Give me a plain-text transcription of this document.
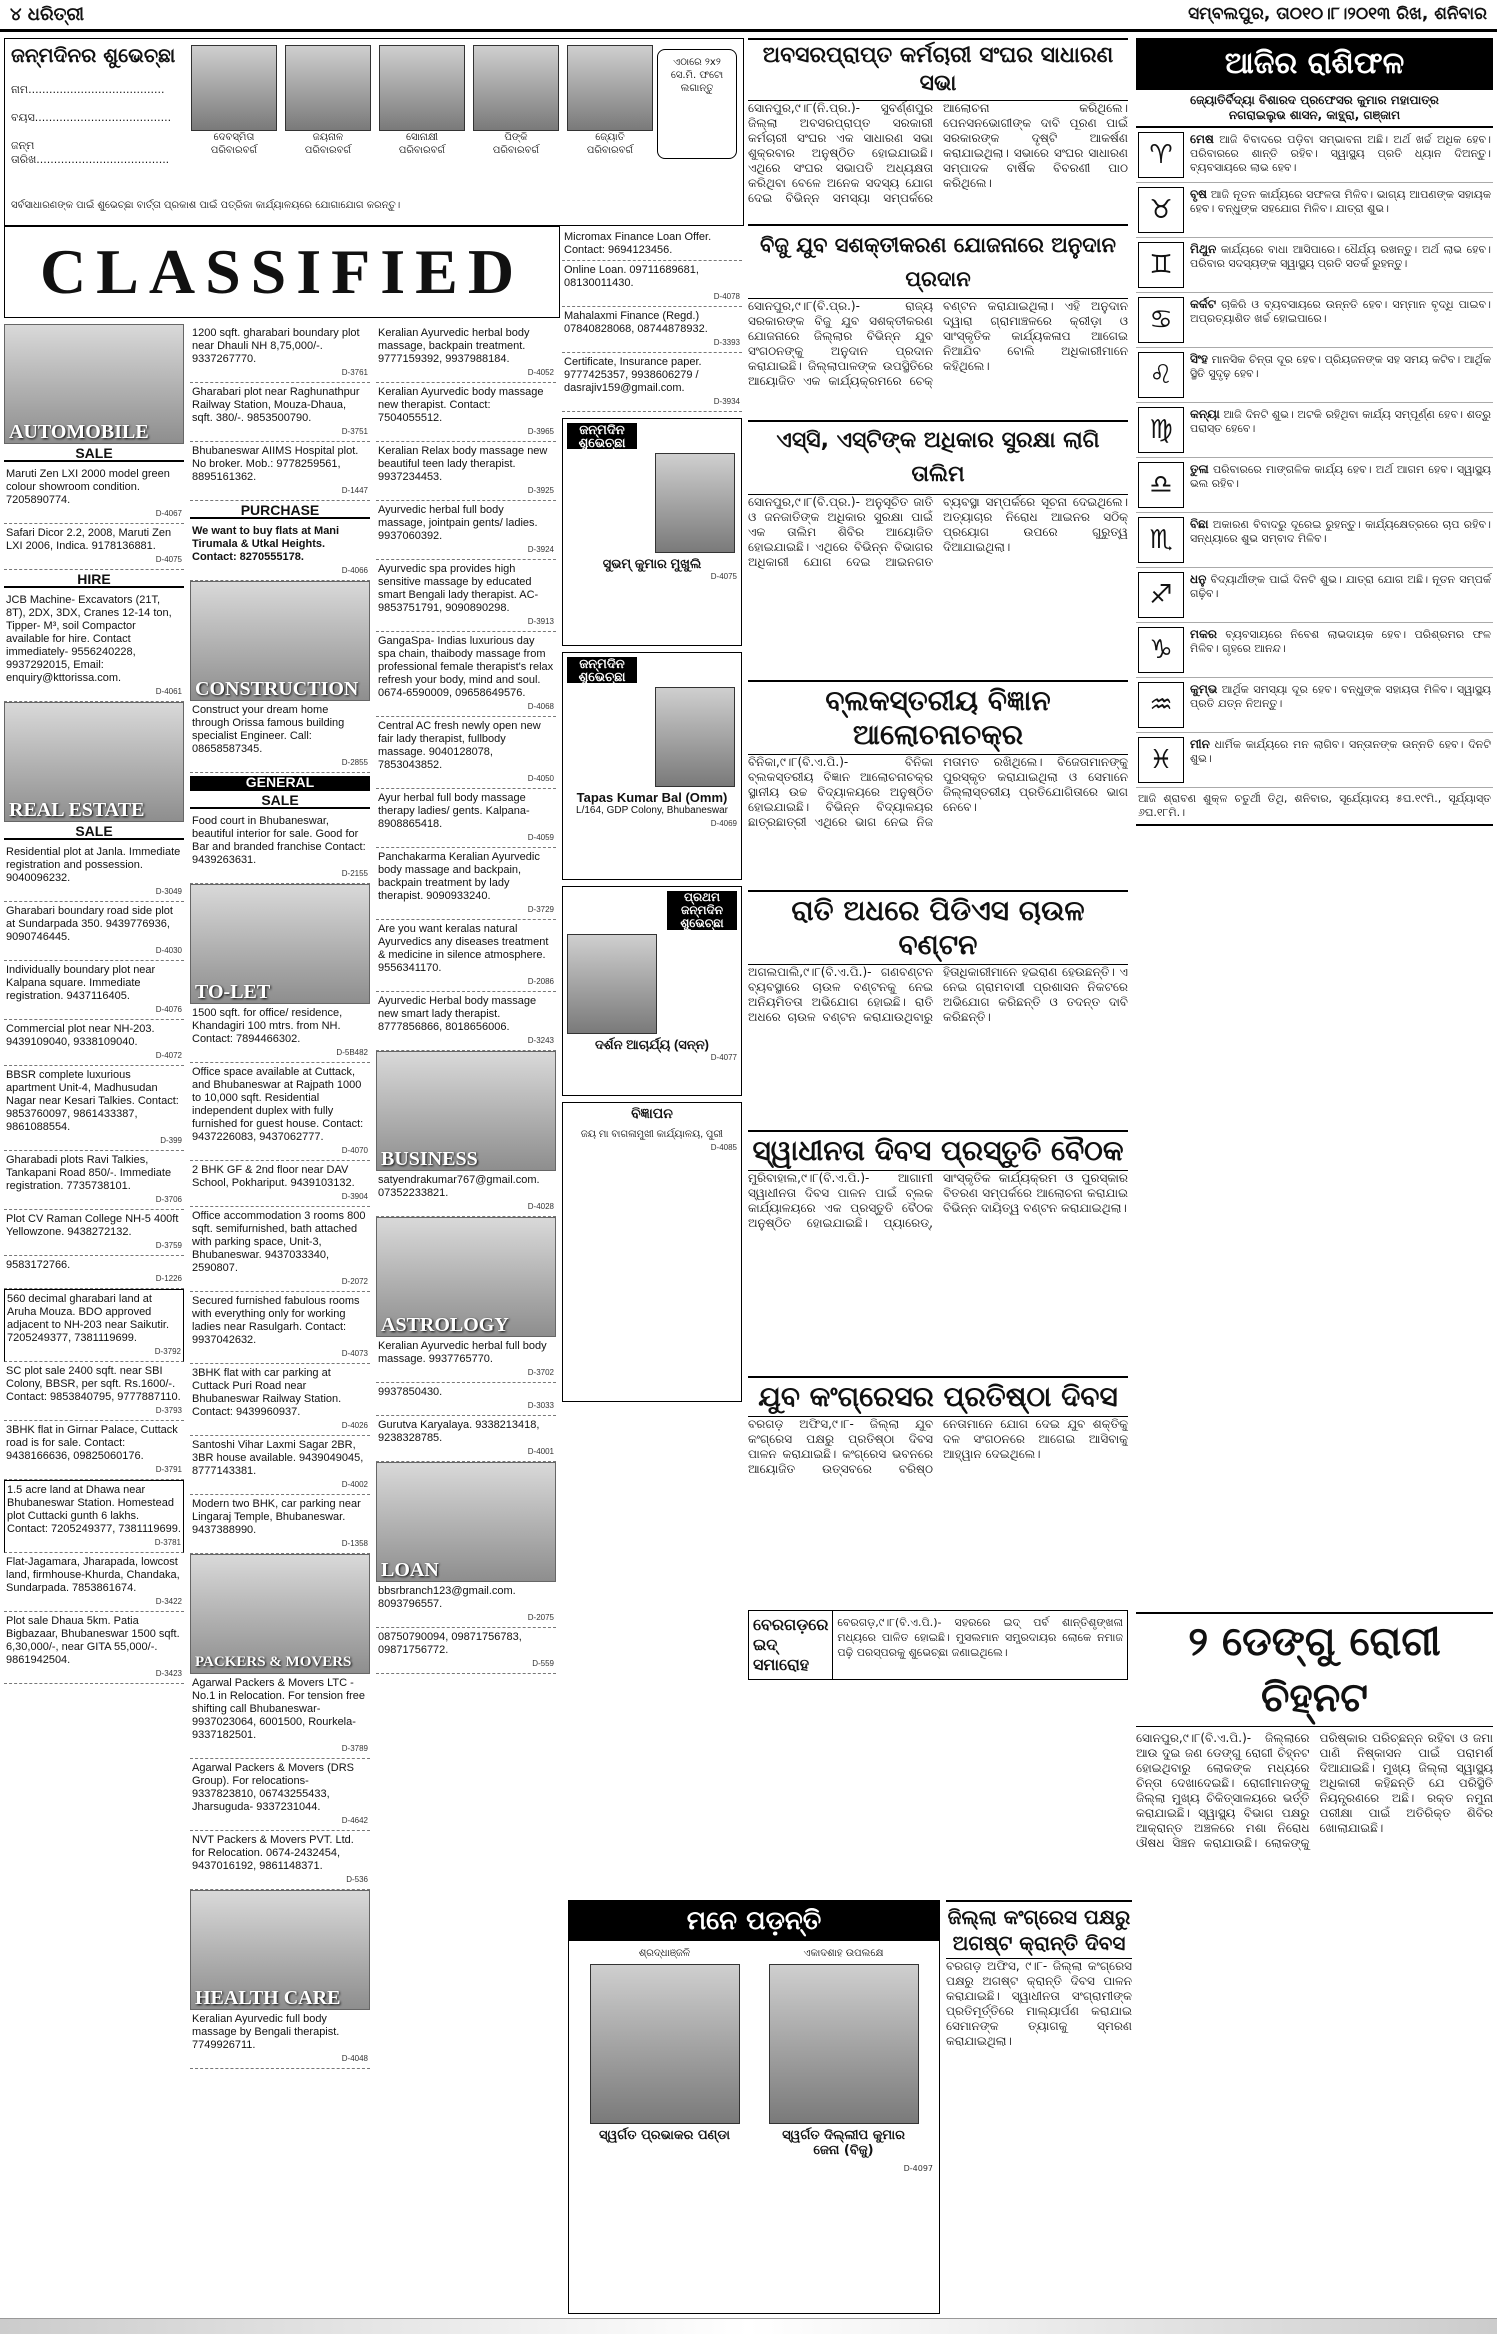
୪ ଧରିତ୍ରୀ	ସମ୍ବଲପୁର, ତା୦୧୦।୮।୨୦୧୩ ରିଖ, ଶନିବାର
ଜନ୍ମଦିନର ଶୁଭେଚ୍ଛା
ନାମ.......................................
ବୟସ.......................................
ଜନ୍ମ ତାରିଖ......................................
ଦେବସ୍ମିତା
ପରିବାରବର୍ଗ
ଜୟନାଳ
ପରିବାରବର୍ଗ
ସୋନାକ୍ଷୀ
ପରିବାରବର୍ଗ
ପିଙ୍କି
ପରିବାରବର୍ଗ
ଜ୍ୟୋତି
ପରିବାରବର୍ଗ
ଏଠାରେ ୨x୨ ସେ.ମି. ଫଟୋ ଲଗାନ୍ତୁ
ସର୍ବସାଧାରଣଙ୍କ ପାଇଁ ଶୁଭେଚ୍ଛା ବାର୍ତ୍ତା ପ୍ରକାଶ ପାଇଁ ପତ୍ରିକା କାର୍ଯ୍ୟାଳୟରେ ଯୋଗାଯୋଗ କରନ୍ତୁ।
CLASSIFIED
AUTOMOBILE
SALE
Maruti Zen LXI 2000 model green colour showroom condition. 7205890774.
D-4067
Safari Dicor 2.2, 2008, Maruti Zen LXI 2006, Indica. 9178136881.
D-4075
HIRE
JCB Machine- Excavators (21T, 8T), 2DX, 3DX, Cranes 12-14 ton, Tipper- M³, soil Compactor available for hire. Contact immediately- 9556240228, 9937292015, Email: enquiry@kttorissa.com.
D-4061
REAL ESTATE
SALE
Residential plot at Janla. Immediate registration and possession. 9040096232.
D-3049
Gharabari boundary road side plot at Sundarpada 350. 9439776936, 9090746445.
D-4030
Individually boundary plot near Kalpana square. Immediate registration. 9437116405.
D-4076
Commercial plot near NH-203. 9439109040, 9338109040.
D-4072
BBSR complete luxurious apartment Unit-4, Madhusudan Nagar near Kesari Talkies. Contact: 9853760097, 9861433387, 9861088554.
D-399
Gharabadi plots Ravi Talkies, Tankapani Road 850/-. Immediate registration. 7735738101.
D-3706
Plot CV Raman College NH-5 400ft Yellowzone. 9438272132.
D-3759
9583172766.
D-1226
560 decimal gharabari land at Aruha Mouza. BDO approved adjacent to NH-203 near Saikutir. 7205249377, 7381119699.
D-3792
SC plot sale 2400 sqft. near SBI Colony, BBSR, per sqft. Rs.1600/-. Contact: 9853840795, 9777887110.
D-3793
3BHK flat in Girnar Palace, Cuttack road is for sale. Contact: 9438166636, 09825060176.
D-3791
1.5 acre land at Dhawa near Bhubaneswar Station. Homestead plot Cuttacki gunth 6 lakhs. Contact: 7205249377, 7381119699.
D-3781
Flat-Jagamara, Jharapada, lowcost land, firmhouse-Khurda, Chandaka, Sundarpada. 7853861674.
D-3422
Plot sale Dhaua 5km. Patia Bigbazaar, Bhubaneswar 1500 sqft. 6,30,000/-, near GITA 55,000/-. 9861942504.
D-3423
1200 sqft. gharabari boundary plot near Dhauli NH 8,75,000/-. 9337267770.
D-3761
Gharabari plot near Raghunathpur Railway Station, Mouza-Dhaua, sqft. 380/-. 9853500790.
D-3751
Bhubaneswar AIIMS Hospital plot. No broker. Mob.: 9778259561, 8895161362.
D-1447
PURCHASE
We want to buy flats at Mani Tirumala & Utkal Heights. Contact: 8270555178.
D-4066
CONSTRUCTION
Construct your dream home through Orissa famous building specialist Engineer. Call: 08658587345.
D-2855
GENERAL
SALE
Food court in Bhubaneswar, beautiful interior for sale. Good for Bar and branded franchise Contact: 9439263631.
D-2155
TO-LET
1500 sqft. for office/ residence, Khandagiri 100 mtrs. from NH. Contact: 7894466302.
D-5B482
Office space available at Cuttack, and Bhubaneswar at Rajpath 1000 to 10,000 sqft. Residential independent duplex with fully furnished for guest house. Contact: 9437226083, 9437062777.
D-4070
2 BHK GF & 2nd floor near DAV School, Pokhariput. 9439103132.
D-3904
Office accommodation 3 rooms 800 sqft. semifurnished, bath attached with parking space, Unit-3, Bhubaneswar. 9437033340, 2590807.
D-2072
Secured furnished fabulous rooms with everything only for working ladies near Rasulgarh. Contact: 9937042632.
D-4073
3BHK flat with car parking at Cuttack Puri Road near Bhubaneswar Railway Station. Contact: 9439960937.
D-4026
Santoshi Vihar Laxmi Sagar 2BR, 3BR house available. 9439049045, 8777143381.
D-4002
Modern two BHK, car parking near Lingaraj Temple, Bhubaneswar. 9437388990.
D-1358
PACKERS & MOVERS
Agarwal Packers & Movers LTC - No.1 in Relocation. For tension free shifting call Bhubaneswar- 9937023064, 6001500, Rourkela- 9337182501.
D-3789
Agarwal Packers & Movers (DRS Group). For relocations- 9337823810, 06743255433, Jharsuguda- 9337231044.
D-4642
NVT Packers & Movers PVT. Ltd. for Relocation. 0674-2432454, 9437016192, 9861148371.
D-536
HEALTH CARE
Keralian Ayurvedic full body massage by Bengali therapist. 7749926711.
D-4048
Keralian Ayurvedic herbal body massage, backpain treatment. 9777159392, 9937988184.
D-4052
Keralian Ayurvedic body massage new therapist. Contact: 7504055512.
D-3965
Keralian Relax body massage new beautiful teen lady therapist. 9937234453.
D-3925
Ayurvedic herbal full body massage, jointpain gents/ ladies. 9937060392.
D-3924
Ayurvedic spa provides high sensitive massage by educated smart Bengali lady therapist. AC- 9853751791, 9090890298.
D-3913
GangaSpa- Indias luxurious day spa chain, thaibody massage from professional female therapist's relax refresh your body, mind and soul. 0674-6590009, 09658649576.
D-4068
Central AC fresh newly open new fair lady therapist, fullbody massage. 9040128078, 7853043852.
D-4050
Ayur herbal full body massage therapy ladies/ gents. Kalpana- 8908865418.
D-4059
Panchakarma Keralian Ayurvedic body massage and backpain, backpain treatment by lady therapist. 9090933240.
D-3729
Are you want keralas natural Ayurvedics any diseases treatment & medicine in silence atmosphere. 9556341170.
D-2086
Ayurvedic Herbal body massage new smart lady therapist. 8777856866, 8018656006.
D-3243
BUSINESS
satyendrakumar767@gmail.com. 07352233821.
D-4028
ASTROLOGY
Keralian Ayurvedic herbal full body massage. 9937765770.
D-3702
9937850430.
D-3033
Gurutva Karyalaya. 9338213418, 9238328785.
D-4001
LOAN
bbsrbranch123@gmail.com. 8093796557.
D-2075
08750790094, 09871756783, 09871756772.
D-559
Micromax Finance Loan Offer. Contact: 9694123456.
Online Loan. 09711689681, 08130011430.
D-4078
Mahalaxmi Finance (Regd.) 07840828068, 08744878932.
D-3393
Certificate, Insurance paper. 9777425357, 9938606279 / dasrajiv159@gmail.com.
D-3934
ଜନ୍ମଦିନ ଶୁଭେଚ୍ଛା
ସୁଭମ୍ କୁମାର ମୁଖୁଲି
D-4075
ଜନ୍ମଦିନ ଶୁଭେଚ୍ଛା
Tapas Kumar Bal (Omm)
L/164, GDP Colony, Bhubaneswar
D-4069
ପ୍ରଥମ ଜନ୍ମଦିନ ଶୁଭେଚ୍ଛା
ଦର୍ଶନ ଆଚାର୍ଯ୍ୟ (ସନ୍ନ)
D-4077
ବିଜ୍ଞାପନ
ଜୟ ମା ବାଗଳାମୁଖୀ କାର୍ଯ୍ୟାଳୟ, ପୁରୀ
D-4085
ଅବସରପ୍ରାପ୍ତ କର୍ମଚାରୀ ସଂଘର ସାଧାରଣ ସଭା
ସୋନପୁର,୯।୮(ନି.ପ୍ର.)- ସୁବର୍ଣ୍ଣପୁର ଜିଲ୍ଲା ଅବସରପ୍ରାପ୍ତ ସରକାରୀ କର୍ମଚାରୀ ସଂଘର ଏକ ସାଧାରଣ ସଭା ଶୁକ୍ରବାର ଅନୁଷ୍ଠିତ ହୋଇଯାଇଛି। ଏଥିରେ ସଂଘର ସଭାପତି ଅଧ୍ୟକ୍ଷତା କରିଥିବା ବେଳେ ଅନେକ ସଦସ୍ୟ ଯୋଗ ଦେଇ ବିଭିନ୍ନ ସମସ୍ୟା ସମ୍ପର୍କରେ ଆଲୋଚନା କରିଥିଲେ। ପେନସନଭୋଗୀଙ୍କ ଦାବି ପୂରଣ ପାଇଁ ସରକାରଙ୍କ ଦୃଷ୍ଟି ଆକର୍ଷଣ କରାଯାଇଥିଲା। ସଭାରେ ସଂଘର ସାଧାରଣ ସମ୍ପାଦକ ବାର୍ଷିକ ବିବରଣୀ ପାଠ କରିଥିଲେ।
ବିଜୁ ଯୁବ ସଶକ୍ତୀକରଣ ଯୋଜନାରେ ଅନୁଦାନ ପ୍ରଦାନ
ସୋନପୁର,୯।୮(ବି.ପ୍ର.)- ରାଜ୍ୟ ସରକାରଙ୍କ ବିଜୁ ଯୁବ ସଶକ୍ତୀକରଣ ଯୋଜନାରେ ଜିଲ୍ଲାର ବିଭିନ୍ନ ଯୁବ ସଂଗଠନଙ୍କୁ ଅନୁଦାନ ପ୍ରଦାନ କରାଯାଇଛି। ଜିଲ୍ଲାପାଳଙ୍କ ଉପସ୍ଥିତିରେ ଆୟୋଜିତ ଏକ କାର୍ଯ୍ୟକ୍ରମରେ ଚେକ୍ ବଣ୍ଟନ କରାଯାଇଥିଲା। ଏହି ଅନୁଦାନ ଦ୍ୱାରା ଗ୍ରାମାଞ୍ଚଳରେ କ୍ରୀଡ଼ା ଓ ସାଂସ୍କୃତିକ କାର୍ଯ୍ୟକଳାପ ଆଗେଇ ନିଆଯିବ ବୋଲି ଅଧିକାରୀମାନେ କହିଥିଲେ।
ଏସ୍‌ସି, ଏସ୍‌ଟିଙ୍କ ଅଧିକାର ସୁରକ୍ଷା ଲାଗି ତାଲିମ
ସୋନପୁର,୯।୮(ବି.ପ୍ର.)- ଅନୁସୂଚିତ ଜାତି ଓ ଜନଜାତିଙ୍କ ଅଧିକାର ସୁରକ୍ଷା ପାଇଁ ଏକ ତାଲିମ ଶିବିର ଆୟୋଜିତ ହୋଇଯାଇଛି। ଏଥିରେ ବିଭିନ୍ନ ବିଭାଗର ଅଧିକାରୀ ଯୋଗ ଦେଇ ଆଇନଗତ ବ୍ୟବସ୍ଥା ସମ୍ପର୍କରେ ସୂଚନା ଦେଇଥିଲେ। ଅତ୍ୟାଚାର ନିରୋଧ ଆଇନର ସଠିକ୍ ପ୍ରୟୋଗ ଉପରେ ଗୁରୁତ୍ୱ ଦିଆଯାଇଥିଲା।
ବ୍ଲକସ୍ତରୀୟ ବିଜ୍ଞାନ ଆଲୋଚନାଚକ୍ର
ବିନିକା,୯।୮(ବି.ଏ.ପି.)- ବିନିକା ବ୍ଲକସ୍ତରୀୟ ବିଜ୍ଞାନ ଆଲୋଚନାଚକ୍ର ସ୍ଥାନୀୟ ଉଚ୍ଚ ବିଦ୍ୟାଳୟରେ ଅନୁଷ୍ଠିତ ହୋଇଯାଇଛି। ବିଭିନ୍ନ ବିଦ୍ୟାଳୟର ଛାତ୍ରଛାତ୍ରୀ ଏଥିରେ ଭାଗ ନେଇ ନିଜ ମତାମତ ରଖିଥିଲେ। ବିଜେତାମାନଙ୍କୁ ପୁରସ୍କୃତ କରାଯାଇଥିଲା ଓ ସେମାନେ ଜିଲ୍ଲାସ୍ତରୀୟ ପ୍ରତିଯୋଗିତାରେ ଭାଗ ନେବେ।
ରାତି ଅଧରେ ପିଡିଏସ ଚାଉଳ ବଣ୍ଟନ
ଅଗଲପାଲି,୯।୮(ବି.ଏ.ପି.)- ଗଣବଣ୍ଟନ ବ୍ୟବସ୍ଥାରେ ଚାଉଳ ବଣ୍ଟନକୁ ନେଇ ଅନିୟମିତତା ଅଭିଯୋଗ ହୋଇଛି। ରାତି ଅଧରେ ଚାଉଳ ବଣ୍ଟନ କରାଯାଉଥିବାରୁ ହିତାଧିକାରୀମାନେ ହଇରାଣ ହେଉଛନ୍ତି। ଏ ନେଇ ଗ୍ରାମବାସୀ ପ୍ରଶାସନ ନିକଟରେ ଅଭିଯୋଗ କରିଛନ୍ତି ଓ ତଦନ୍ତ ଦାବି କରିଛନ୍ତି।
ସ୍ୱାଧୀନତା ଦିବସ ପ୍ରସ୍ତୁତି ବୈଠକ
ମୁରିବାହାଲ,୯।୮(ବି.ଏ.ପି.)- ଆଗାମୀ ସ୍ୱାଧୀନତା ଦିବସ ପାଳନ ପାଇଁ ବ୍ଲକ କାର୍ଯ୍ୟାଳୟରେ ଏକ ପ୍ରସ୍ତୁତି ବୈଠକ ଅନୁଷ୍ଠିତ ହୋଇଯାଇଛି। ପ୍ୟାରେଡ୍, ସାଂସ୍କୃତିକ କାର୍ଯ୍ୟକ୍ରମ ଓ ପୁରସ୍କାର ବିତରଣ ସମ୍ପର୍କରେ ଆଲୋଚନା କରାଯାଇ ବିଭିନ୍ନ ଦାୟିତ୍ୱ ବଣ୍ଟନ କରାଯାଇଥିଲା।
ଯୁବ କଂଗ୍ରେସର ପ୍ରତିଷ୍ଠା ଦିବସ
ବରଗଡ଼ ଅଫିସ,୯।୮- ଜିଲ୍ଲା ଯୁବ କଂଗ୍ରେସ ପକ୍ଷରୁ ପ୍ରତିଷ୍ଠା ଦିବସ ପାଳନ କରାଯାଇଛି। କଂଗ୍ରେସ ଭବନରେ ଆୟୋଜିତ ଉତ୍ସବରେ ବରିଷ୍ଠ ନେତାମାନେ ଯୋଗ ଦେଇ ଯୁବ ଶକ୍ତିକୁ ଦଳ ସଂଗଠନରେ ଆଗେଇ ଆସିବାକୁ ଆହ୍ୱାନ ଦେଇଥିଲେ।
ବେରଗଡ଼ରେ ଇଦ୍ ସମାରୋହ
ବେରଗଡ଼,୯।୮(ବି.ଏ.ପି.)- ସହରରେ ଇଦ୍ ପର୍ବ ଶାନ୍ତିଶୃଙ୍ଖଳା ମଧ୍ୟରେ ପାଳିତ ହୋଇଛି। ମୁସଲମାନ ସମ୍ପ୍ରଦାୟର ଲୋକେ ନମାଜ ପଢ଼ି ପରସ୍ପରକୁ ଶୁଭେଚ୍ଛା ଜଣାଇଥିଲେ।
ମନେ ପଡ଼ନ୍ତି
ଶ୍ରଦ୍ଧାଞ୍ଜଳି
ସ୍ୱର୍ଗତ ପ୍ରଭାକର ପଣ୍ଡା
ଏକାଦଶାହ ଉପଲକ୍ଷେ
ସ୍ୱର୍ଗତ ଦିଲ୍ଲୀପ କୁମାର ଜେନା (ବିଜୁ)
D-4097
ଜିଲ୍ଲା କଂଗ୍ରେସ ପକ୍ଷରୁ ଅଗଷ୍ଟ କ୍ରାନ୍ତି ଦିବସ
ବରଗଡ଼ ଅଫିସ, ୯।୮- ଜିଲ୍ଲା କଂଗ୍ରେସ ପକ୍ଷରୁ ଅଗଷ୍ଟ କ୍ରାନ୍ତି ଦିବସ ପାଳନ କରାଯାଇଛି। ସ୍ୱାଧୀନତା ସଂଗ୍ରାମୀଙ୍କ ପ୍ରତିମୂର୍ତ୍ତିରେ ମାଲ୍ୟାର୍ପଣ କରାଯାଇ ସେମାନଙ୍କ ତ୍ୟାଗକୁ ସ୍ମରଣ କରାଯାଇଥିଲା।
ଆଜିର ରାଶିଫଳ
ଜ୍ୟୋତିର୍ବିଦ୍ୟା ବିଶାରଦ ପ୍ରଫେସର କୁମାର ମହାପାତ୍ର
ନଗରାଇଲୁଭ ଶାସନ, କାତ୍ଥ୍ରା, ଗଞ୍ଜାମ
♈
ମେଷ ଆଜି ବିବାଦରେ ପଡ଼ିବା ସମ୍ଭାବନା ଅଛି। ଅର୍ଥ ଖର୍ଚ୍ଚ ଅଧିକ ହେବ। ପରିବାରରେ ଶାନ୍ତି ରହିବ। ସ୍ୱାସ୍ଥ୍ୟ ପ୍ରତି ଧ୍ୟାନ ଦିଅନ୍ତୁ। ବ୍ୟବସାୟରେ ଲାଭ ହେବ।
♉
ବୃଷ ଆଜି ନୂତନ କାର୍ଯ୍ୟରେ ସଫଳତା ମିଳିବ। ଭାଗ୍ୟ ଆପଣଙ୍କ ସହାୟକ ହେବ। ବନ୍ଧୁଙ୍କ ସହଯୋଗ ମିଳିବ। ଯାତ୍ରା ଶୁଭ।
♊
ମିଥୁନ କାର୍ଯ୍ୟରେ ବାଧା ଆସିପାରେ। ଧୈର୍ଯ୍ୟ ରଖନ୍ତୁ। ଅର୍ଥ ଲାଭ ହେବ। ପରିବାର ସଦସ୍ୟଙ୍କ ସ୍ୱାସ୍ଥ୍ୟ ପ୍ରତି ସତର୍କ ରୁହନ୍ତୁ।
♋
କର୍କଟ ଚାକିରି ଓ ବ୍ୟବସାୟରେ ଉନ୍ନତି ହେବ। ସମ୍ମାନ ବୃଦ୍ଧି ପାଇବ। ଅପ୍ରତ୍ୟାଶିତ ଖର୍ଚ୍ଚ ହୋଇପାରେ।
♌
ସିଂହ ମାନସିକ ଚିନ୍ତା ଦୂର ହେବ। ପ୍ରିୟଜନଙ୍କ ସହ ସମୟ କଟିବ। ଆର୍ଥିକ ସ୍ଥିତି ସୁଦୃଢ଼ ହେବ।
♍
କନ୍ୟା ଆଜି ଦିନଟି ଶୁଭ। ଅଟକି ରହିଥିବା କାର୍ଯ୍ୟ ସମ୍ପୂର୍ଣ୍ଣ ହେବ। ଶତ୍ରୁ ପରାସ୍ତ ହେବେ।
♎
ତୁଳା ପରିବାରରେ ମାଙ୍ଗଳିକ କାର୍ଯ୍ୟ ହେବ। ଅର୍ଥ ଆଗମ ହେବ। ସ୍ୱାସ୍ଥ୍ୟ ଭଲ ରହିବ।
♏
ବିଛା ଅକାରଣ ବିବାଦରୁ ଦୂରେଇ ରୁହନ୍ତୁ। କାର୍ଯ୍ୟକ୍ଷେତ୍ରରେ ଚାପ ରହିବ। ସନ୍ଧ୍ୟାରେ ଶୁଭ ସମ୍ବାଦ ମିଳିବ।
♐
ଧନୁ ବିଦ୍ୟାର୍ଥୀଙ୍କ ପାଇଁ ଦିନଟି ଶୁଭ। ଯାତ୍ରା ଯୋଗ ଅଛି। ନୂତନ ସମ୍ପର୍କ ଗଢ଼ିବ।
♑
ମକର ବ୍ୟବସାୟରେ ନିବେଶ ଲାଭଦାୟକ ହେବ। ପରିଶ୍ରମର ଫଳ ମିଳିବ। ଗୃହରେ ଆନନ୍ଦ।
♒
କୁମ୍ଭ ଆର୍ଥିକ ସମସ୍ୟା ଦୂର ହେବ। ବନ୍ଧୁଙ୍କ ସହାୟତା ମିଳିବ। ସ୍ୱାସ୍ଥ୍ୟ ପ୍ରତି ଯତ୍ନ ନିଅନ୍ତୁ।
♓
ମୀନ ଧାର୍ମିକ କାର୍ଯ୍ୟରେ ମନ ଲାଗିବ। ସନ୍ତାନଙ୍କ ଉନ୍ନତି ହେବ। ଦିନଟି ଶୁଭ।
ଆଜି ଶ୍ରାବଣ ଶୁକ୍ଳ ଚତୁର୍ଥୀ ତିଥି, ଶନିବାର, ସୂର୍ଯ୍ୟୋଦୟ ୫ଘ.୧୯ମି., ସୂର୍ଯ୍ୟାସ୍ତ ୬ଘ.୧୮ମି.।
୨ ଡେଙ୍ଗୁ ରୋଗୀ ଚିହ୍ନଟ
ସୋନପୁର,୯।୮(ବି.ଏ.ପି.)- ଜିଲ୍ଲାରେ ଆଉ ଦୁଇ ଜଣ ଡେଙ୍ଗୁ ରୋଗୀ ଚିହ୍ନଟ ହୋଇଥିବାରୁ ଲୋକଙ୍କ ମଧ୍ୟରେ ଚିନ୍ତା ଦେଖାଦେଇଛି। ରୋଗୀମାନଙ୍କୁ ଜିଲ୍ଲା ମୁଖ୍ୟ ଚିକିତ୍ସାଳୟରେ ଭର୍ତ୍ତି କରାଯାଇଛି। ସ୍ୱାସ୍ଥ୍ୟ ବିଭାଗ ପକ୍ଷରୁ ଆକ୍ରାନ୍ତ ଅଞ୍ଚଳରେ ମଶା ନିରୋଧ ଔଷଧ ସିଞ୍ଚନ କରାଯାଉଛି। ଲୋକଙ୍କୁ ପରିଷ୍କାର ପରିଚ୍ଛନ୍ନ ରହିବା ଓ ଜମା ପାଣି ନିଷ୍କାସନ ପାଇଁ ପରାମର୍ଶ ଦିଆଯାଇଛି। ମୁଖ୍ୟ ଜିଲ୍ଲା ସ୍ୱାସ୍ଥ୍ୟ ଅଧିକାରୀ କହିଛନ୍ତି ଯେ ପରିସ୍ଥିତି ନିୟନ୍ତ୍ରଣରେ ଅଛି। ରକ୍ତ ନମୁନା ପରୀକ୍ଷା ପାଇଁ ଅତିରିକ୍ତ ଶିବିର ଖୋଲାଯାଇଛି।
